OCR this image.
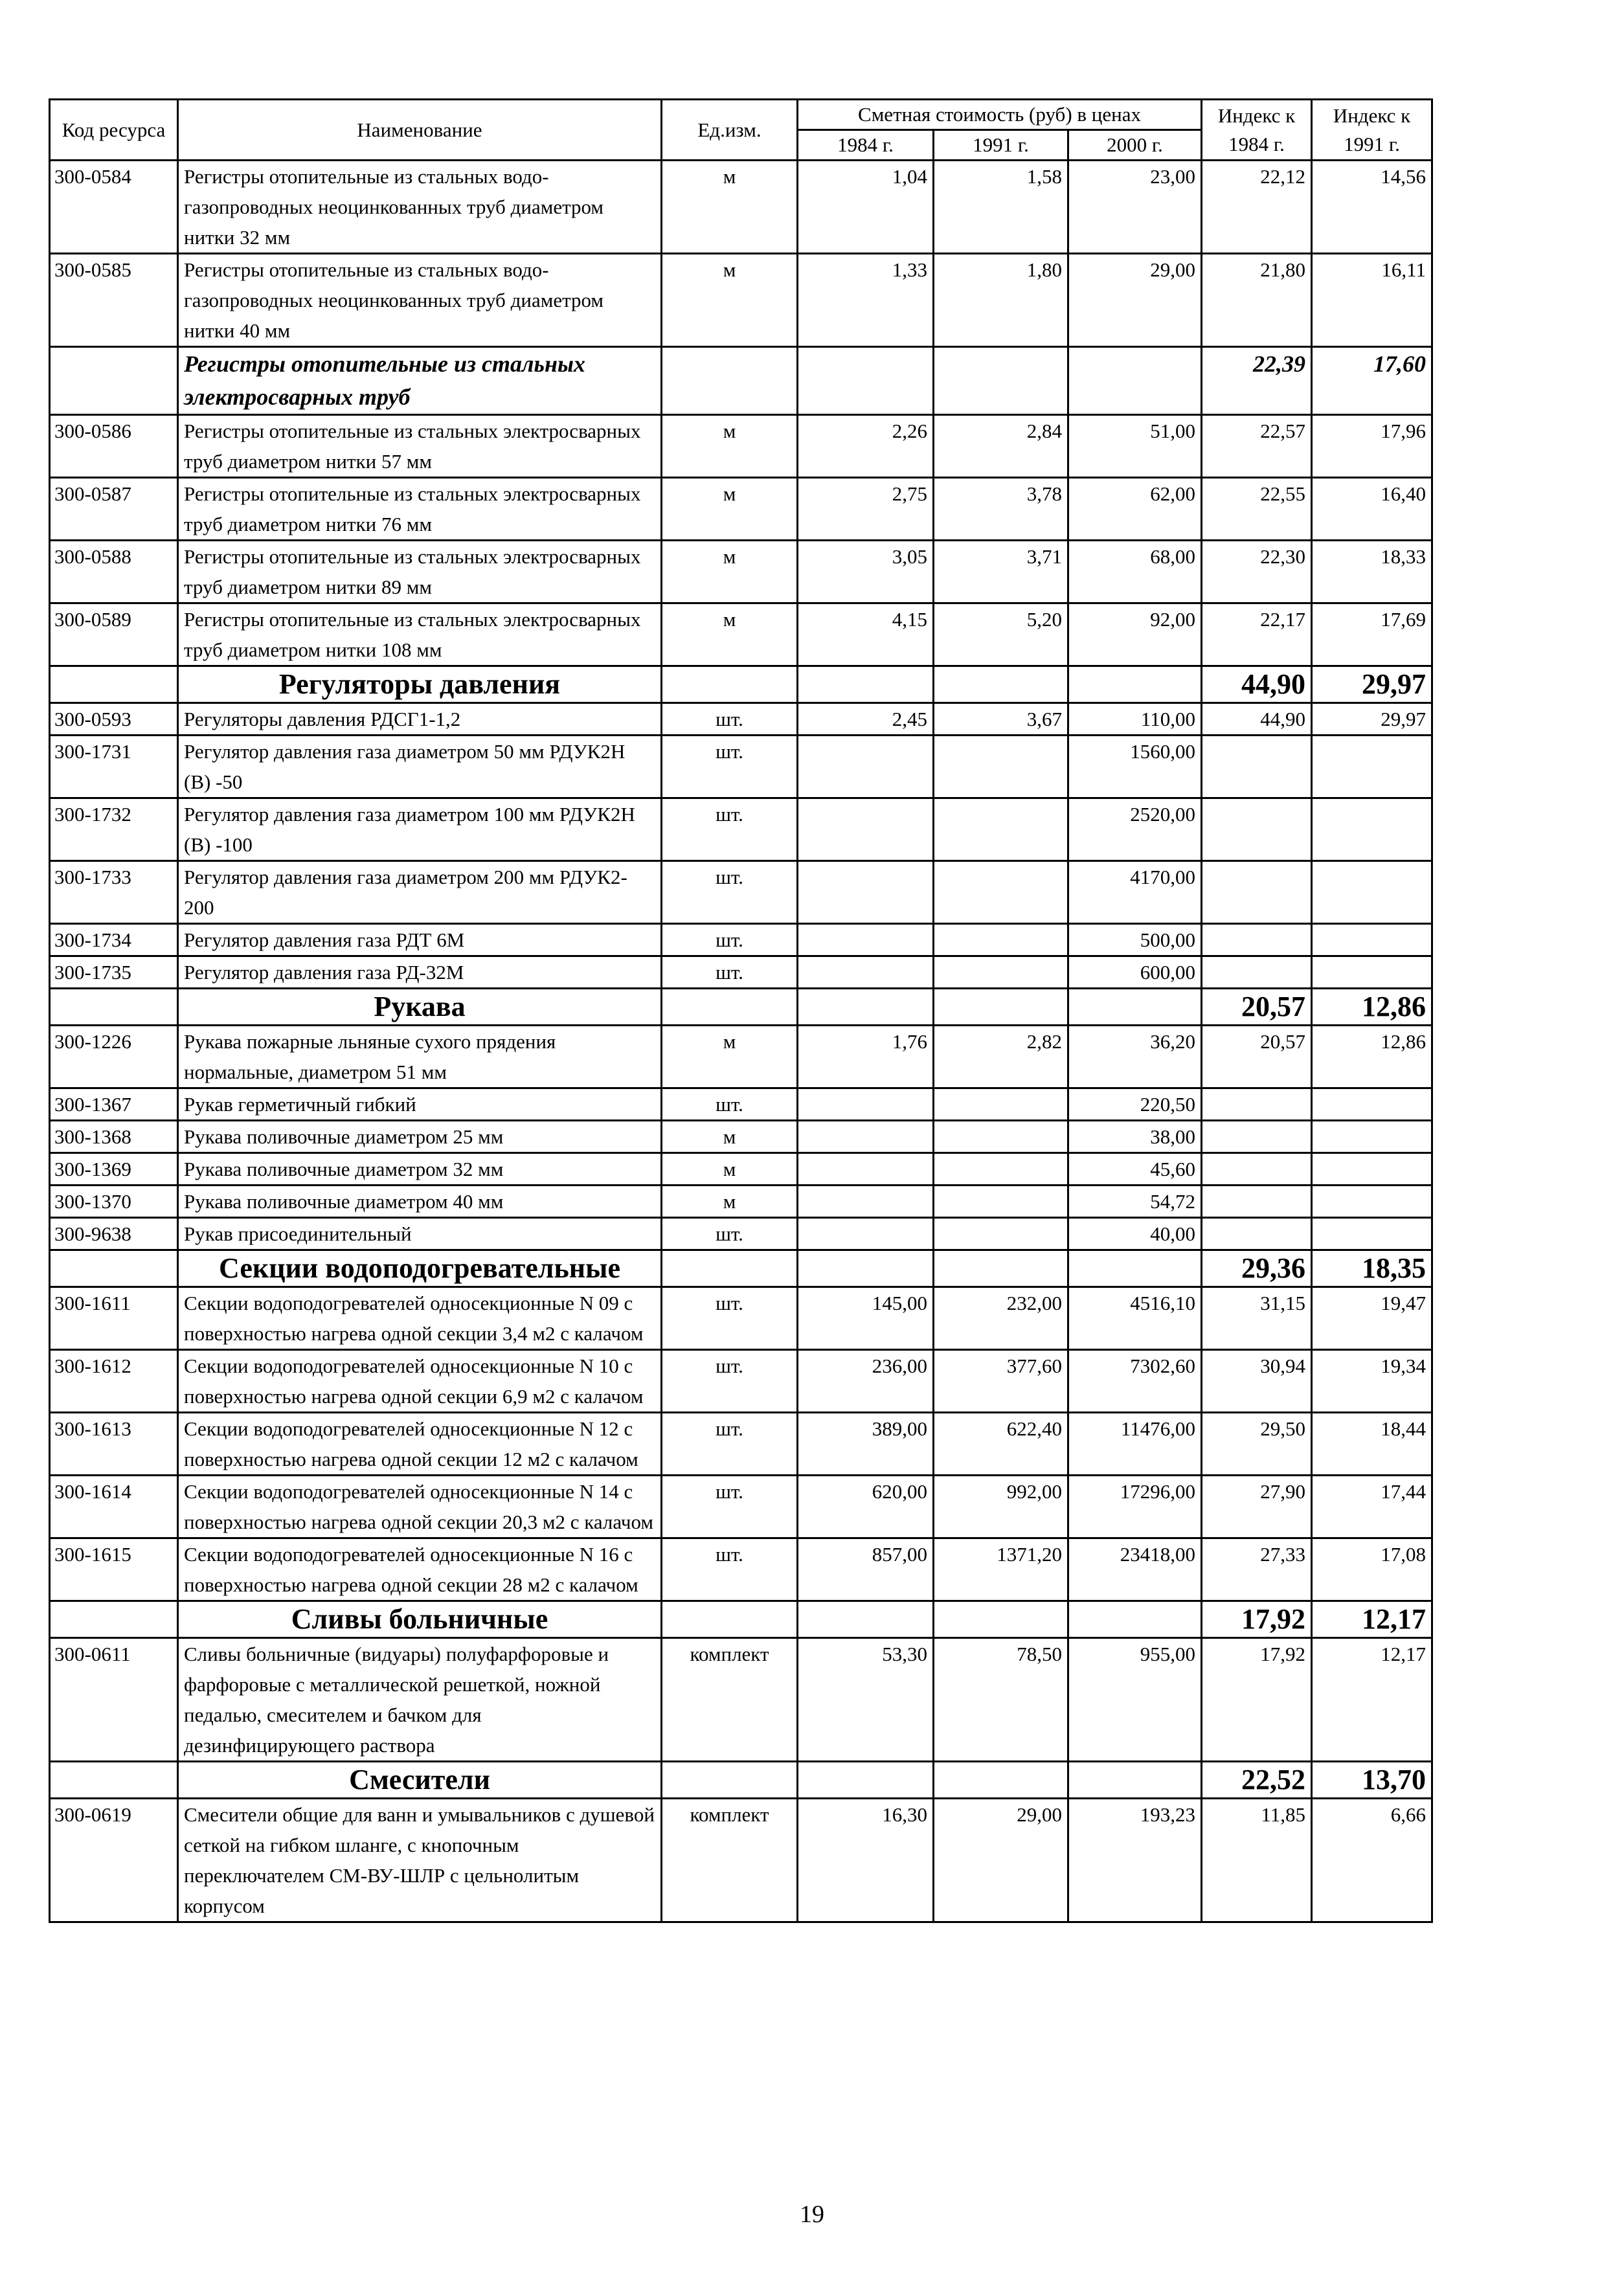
Код ресурса	Наименование	Ед.изм.	Сметная стоимость (руб) в ценах			Индекс к 1984 г.	Индекс к 1991 г.
			1984 г.	1991 г.	2000 г.		
300-0584	Регистры отопительные из стальных водо-газопроводных неоцинкованных труб диаметром нитки 32 мм	м	1,04	1,58	23,00	22,12	14,56
300-0585	Регистры отопительные из стальных водо-газопроводных неоцинкованных труб диаметром нитки 40 мм	м	1,33	1,80	29,00	21,80	16,11
	Регистры отопительные из стальных электросварных труб					22,39	17,60
300-0586	Регистры отопительные из стальных электросварных труб диаметром нитки 57 мм	м	2,26	2,84	51,00	22,57	17,96
300-0587	Регистры отопительные из стальных электросварных труб диаметром нитки 76 мм	м	2,75	3,78	62,00	22,55	16,40
300-0588	Регистры отопительные из стальных электросварных труб диаметром нитки 89 мм	м	3,05	3,71	68,00	22,30	18,33
300-0589	Регистры отопительные из стальных электросварных труб диаметром нитки 108 мм	м	4,15	5,20	92,00	22,17	17,69
	Регуляторы давления					44,90	29,97
300-0593	Регуляторы давления РДСГ1-1,2	шт.	2,45	3,67	110,00	44,90	29,97
300-1731	Регулятор давления газа диаметром 50 мм РДУК2Н (В) -50	шт.			1560,00		
300-1732	Регулятор давления газа диаметром 100 мм РДУК2Н (В) -100	шт.			2520,00		
300-1733	Регулятор давления газа диаметром 200 мм РДУК2-200	шт.			4170,00		
300-1734	Регулятор давления газа РДТ 6М	шт.			500,00		
300-1735	Регулятор давления газа РД-32М	шт.			600,00		
	Рукава					20,57	12,86
300-1226	Рукава пожарные льняные сухого прядения нормальные, диаметром 51 мм	м	1,76	2,82	36,20	20,57	12,86
300-1367	Рукав герметичный гибкий	шт.			220,50		
300-1368	Рукава поливочные диаметром 25 мм	м			38,00		
300-1369	Рукава поливочные диаметром 32 мм	м			45,60		
300-1370	Рукава поливочные диаметром 40 мм	м			54,72		
300-9638	Рукав присоединительный	шт.			40,00		
	Секции водоподогревательные					29,36	18,35
300-1611	Секции водоподогревателей односекционные N 09 с поверхностью нагрева одной секции 3,4 м2 с калачом	шт.	145,00	232,00	4516,10	31,15	19,47
300-1612	Секции водоподогревателей односекционные N 10 с поверхностью нагрева одной секции 6,9 м2 с калачом	шт.	236,00	377,60	7302,60	30,94	19,34
300-1613	Секции водоподогревателей односекционные N 12 с поверхностью нагрева одной секции 12 м2 с калачом	шт.	389,00	622,40	11476,00	29,50	18,44
300-1614	Секции водоподогревателей односекционные N 14 с поверхностью нагрева одной секции 20,3 м2 с калачом	шт.	620,00	992,00	17296,00	27,90	17,44
300-1615	Секции водоподогревателей односекционные N 16 с поверхностью нагрева одной секции 28 м2 с калачом	шт.	857,00	1371,20	23418,00	27,33	17,08
	Сливы больничные					17,92	12,17
300-0611	Сливы больничные (видуары) полуфарфоровые и фарфоровые с металлической решеткой, ножной педалью, смесителем и бачком для дезинфицирующего раствора	комплект	53,30	78,50	955,00	17,92	12,17
	Смесители					22,52	13,70
300-0619	Смесители общие для ванн и умывальников с душевой сеткой на гибком шланге, с кнопочным переключателем СМ-ВУ-ШЛР с цельнолитым корпусом	комплект	16,30	29,00	193,23	11,85	6,66
19
